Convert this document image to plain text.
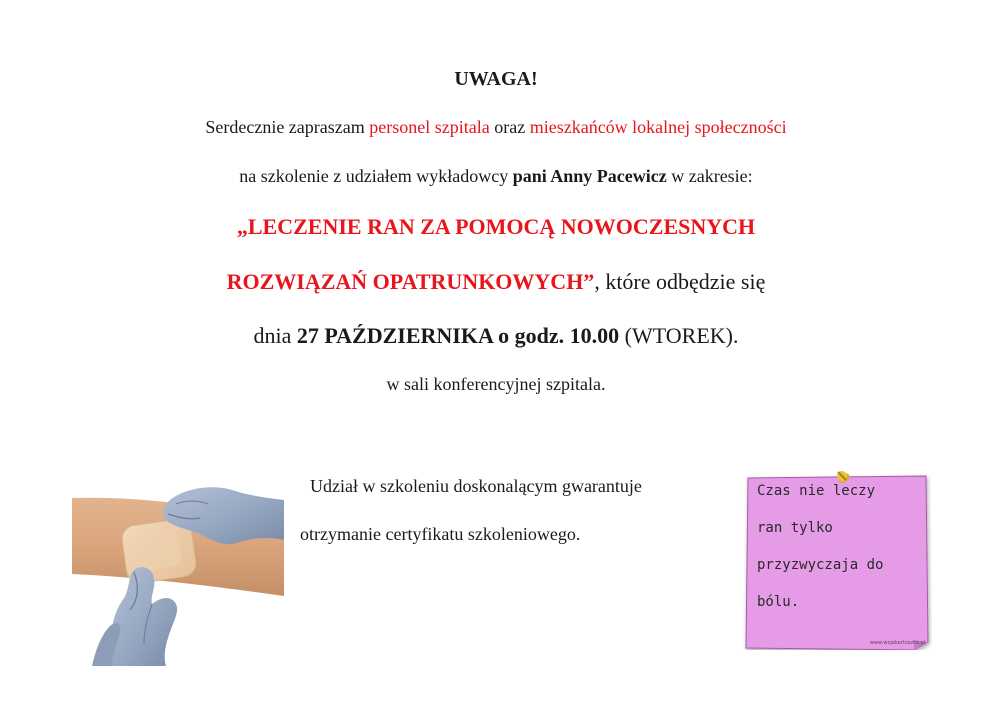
UWAGA!
Serdecznie zapraszam personel szpitala oraz mieszkańców lokalnej społeczności
na szkolenie z udziałem wykładowcy pani Anny Pacewicz w zakresie:
„LECZENIE RAN ZA POMOCĄ NOWOCZESNYCH
ROZWIĄZAŃ OPATRUNKOWYCH”, które odbędzie się
dnia 27 PAŹDZIERNIKA o godz. 10.00 (WTOREK).
w sali konferencyjnej szpitala.
Udział w szkoleniu doskonalącym gwarantuje
otrzymanie certyfikatu szkoleniowego.
Czas nie leczy
ran tylko
przyzwyczaja do
bólu.
www.wojakertoszka.pl
